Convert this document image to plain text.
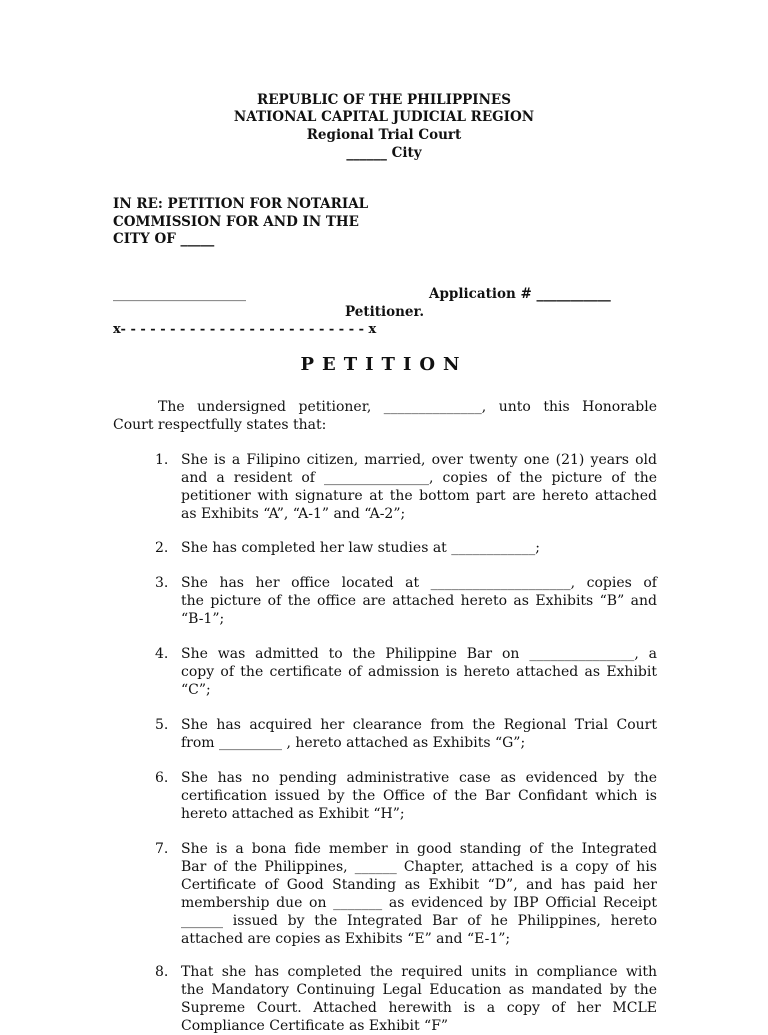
REPUBLIC OF THE PHILIPPINES
NATIONAL CAPITAL JUDICIAL REGION
Regional Trial Court
______ City
IN RE: PETITION FOR NOTARIAL
COMMISSION FOR AND IN THE
CITY OF _____
___________________	Application # ___________
Petitioner.
x- - - - - - - - - - - - - - - - - - - - - - - - - x
PETITION
The undersigned petitioner, ______________, unto this Honorable
Court respectfully states that:
1. She is a Filipino citizen, married, over twenty one (21) years old
and a resident of _______________, copies of the picture of the
petitioner with signature at the bottom part are hereto attached
as Exhibits “A”, “A-1” and “A-2”;
2. She has completed her law studies at ____________;
3. She has her office located at ____________________, copies of
the picture of the office are attached hereto as Exhibits “B” and
“B-1”;
4. She was admitted to the Philippine Bar on _______________, a
copy of the certificate of admission is hereto attached as Exhibit
“C”;
5. She has acquired her clearance from the Regional Trial Court
from _________ , hereto attached as Exhibits “G”;
6. She has no pending administrative case as evidenced by the
certification issued by the Office of the Bar Confidant which is
hereto attached as Exhibit “H”;
7. She is a bona fide member in good standing of the Integrated
Bar of the Philippines, ______ Chapter, attached is a copy of his
Certificate of Good Standing as Exhibit “D”, and has paid her
membership due on _______ as evidenced by IBP Official Receipt
______ issued by the Integrated Bar of he Philippines, hereto
attached are copies as Exhibits “E” and “E-1”;
8. That she has completed the required units in compliance with
the Mandatory Continuing Legal Education as mandated by the
Supreme Court. Attached herewith is a copy of her MCLE
Compliance Certificate as Exhibit “F”
